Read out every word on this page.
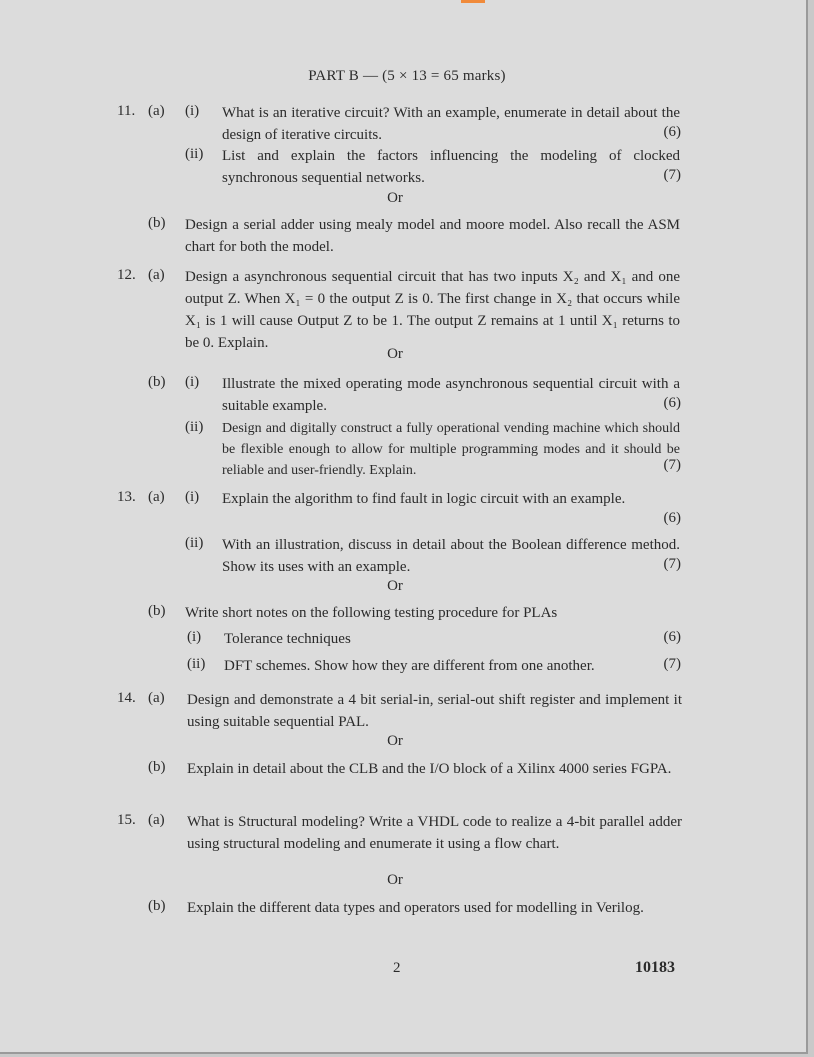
PART B — (5 × 13 = 65 marks)
11. (a) (i) What is an iterative circuit? With an example, enumerate in detail about the design of iterative circuits.	(6)
(ii) List and explain the factors influencing the modeling of clocked synchronous sequential networks.	(7)
Or
(b) Design a serial adder using mealy model and moore model. Also recall the ASM chart for both the model.
12. (a) Design a asynchronous sequential circuit that has two inputs X₂ and X₁ and one output Z. When X₁ = 0 the output Z is 0. The first change in X₂ that occurs while X₁ is 1 will cause Output Z to be 1. The output Z remains at 1 until X₁ returns to be 0. Explain.
Or
(b) (i) Illustrate the mixed operating mode asynchronous sequential circuit with a suitable example.	(6)
(ii) Design and digitally construct a fully operational vending machine which should be flexible enough to allow for multiple programming modes and it should be reliable and user-friendly. Explain.	(7)
13. (a) (i) Explain the algorithm to find fault in logic circuit with an example.
(6)
(ii) With an illustration, discuss in detail about the Boolean difference method. Show its uses with an example.	(7)
Or
(b) Write short notes on the following testing procedure for PLAs
(i) Tolerance techniques	(6)
(ii) DFT schemes. Show how they are different from one another.	(7)
14. (a) Design and demonstrate a 4 bit serial-in, serial-out shift register and implement it using suitable sequential PAL.
Or
(b) Explain in detail about the CLB and the I/O block of a Xilinx 4000 series FGPA.
15. (a) What is Structural modeling? Write a VHDL code to realize a 4-bit parallel adder using structural modeling and enumerate it using a flow chart.
Or
(b) Explain the different data types and operators used for modelling in Verilog.
2	10183
